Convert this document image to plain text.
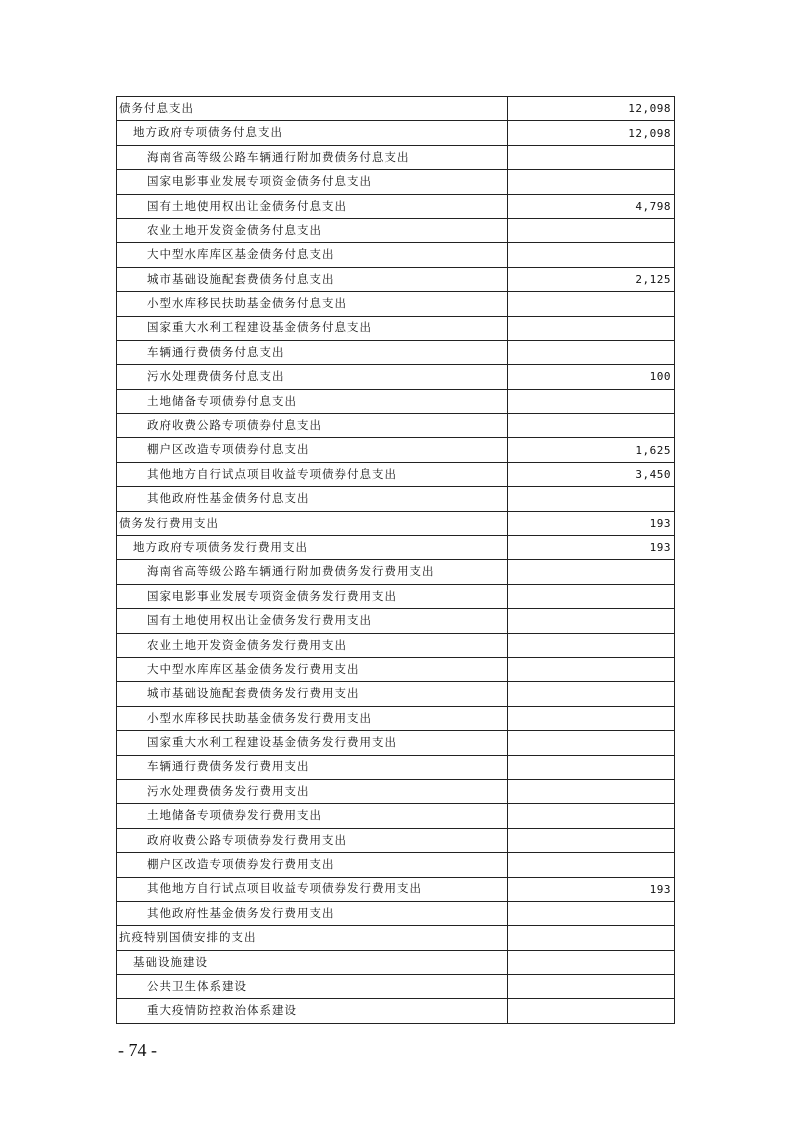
债务付息支出	12,098
地方政府专项债务付息支出	12,098
海南省高等级公路车辆通行附加费债务付息支出	
国家电影事业发展专项资金债务付息支出	
国有土地使用权出让金债务付息支出	4,798
农业土地开发资金债务付息支出	
大中型水库库区基金债务付息支出	
城市基础设施配套费债务付息支出	2,125
小型水库移民扶助基金债务付息支出	
国家重大水利工程建设基金债务付息支出	
车辆通行费债务付息支出	
污水处理费债务付息支出	100
土地储备专项债券付息支出	
政府收费公路专项债券付息支出	
棚户区改造专项债券付息支出	1,625
其他地方自行试点项目收益专项债券付息支出	3,450
其他政府性基金债务付息支出	
债务发行费用支出	193
地方政府专项债务发行费用支出	193
海南省高等级公路车辆通行附加费债务发行费用支出	
国家电影事业发展专项资金债务发行费用支出	
国有土地使用权出让金债务发行费用支出	
农业土地开发资金债务发行费用支出	
大中型水库库区基金债务发行费用支出	
城市基础设施配套费债务发行费用支出	
小型水库移民扶助基金债务发行费用支出	
国家重大水利工程建设基金债务发行费用支出	
车辆通行费债务发行费用支出	
污水处理费债务发行费用支出	
土地储备专项债券发行费用支出	
政府收费公路专项债券发行费用支出	
棚户区改造专项债券发行费用支出	
其他地方自行试点项目收益专项债券发行费用支出	193
其他政府性基金债务发行费用支出	
抗疫特别国债安排的支出	
基础设施建设	
公共卫生体系建设	
重大疫情防控救治体系建设	
- 74 -
